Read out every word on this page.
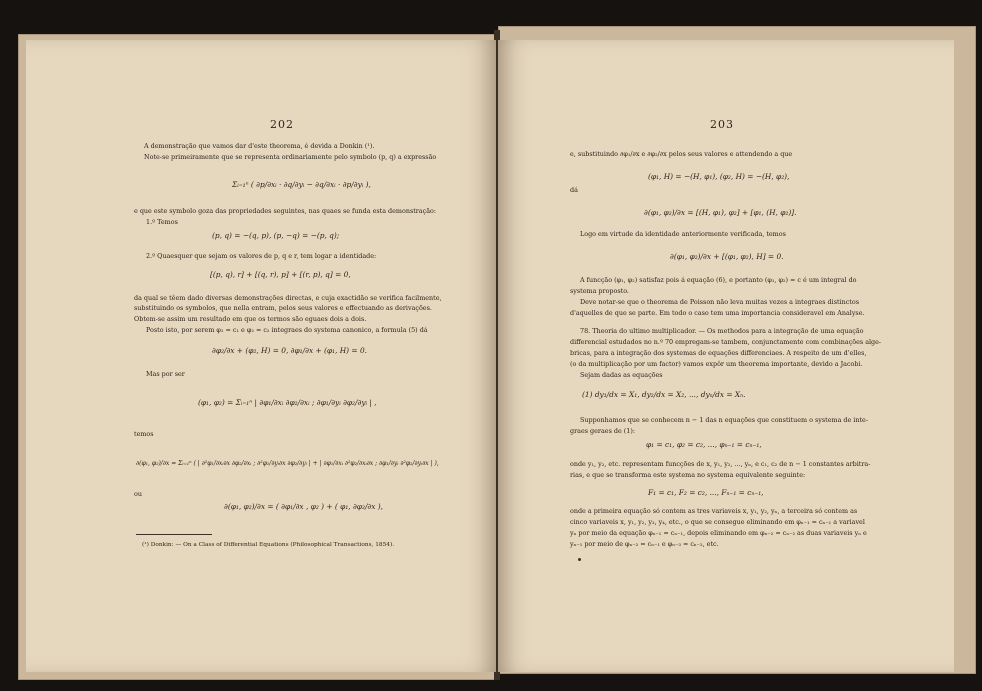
202
A demonstração que vamos dar d'este theorema, é devida a Donkin (¹).
Note-se primeiramente que se representa ordinariamente pelo symbolo (p, q) a expressão
Σᵢ₌₁ⁿ ( ∂p/∂xᵢ · ∂q/∂yᵢ − ∂q/∂xᵢ · ∂p/∂yᵢ ),
e que este symbolo goza das propriedades seguintes, nas quaes se funda esta demonstração:
1.º Temos
(p, q) = −(q, p), (p, −q) = −(p, q);
2.º Quaesquer que sejam os valores de p, q e r, tem logar a identidade:
[(p, q), r] + [(q, r), p] + [(r, p), q] = 0,
da qual se têem dado diversas demonstrações directas, e cuja exactidão se verifica facilmente,
substituindo os symbolos, que nella entram, pelos seus valores e effectuando as derivações.
Obtem-se assim um resultado em que os termos são eguaes dois a dois.
Posto isto, por serem φ₁ = c₁ e φ₂ = c₂ integraes do systema canonico, a formula (5) dá
∂φ₂/∂x + (φ₂, H) = 0, ∂φ₁/∂x + (φ₁, H) = 0.
Mas por ser
(φ₁, φ₂) = Σᵢ₌₁ⁿ | ∂φ₁/∂xᵢ ∂φ₂/∂xᵢ ; ∂φ₁/∂yᵢ ∂φ₂/∂yᵢ | ,
temos
∂(φ₁, φ₂)/∂x = Σᵢ₌₁ⁿ ( | ∂²φ₁/∂xᵢ∂x ∂φ₂/∂xᵢ ; ∂²φ₁/∂yᵢ∂x ∂φ₂/∂yᵢ | + | ∂φ₁/∂xᵢ ∂²φ₂/∂xᵢ∂x ; ∂φ₁/∂yᵢ ∂²φ₂/∂yᵢ∂x | ),
ou
∂(φ₁, φ₂)/∂x = ( ∂φ₁/∂x , φ₂ ) + ( φ₁, ∂φ₂/∂x ),
(¹) Donkin: — On a Class of Differential Equations (Philosophical Transactions, 1854).
203
e, substituindo ∂φ₁/∂x e ∂φ₂/∂x pelos seus valores e attendendo a que
(φ₁, H) = −(H, φ₁), (φ₂, H) = −(H, φ₂),
dá
∂(φ₁, φ₂)/∂x = [(H, φ₁), φ₂] + [φ₁, (H, φ₂)].
Logo em virtude da identidade anteriormente verificada, temos
∂(φ₁, φ₂)/∂x + [(φ₁, φ₂), H] = 0.
A funcção (φ₁, φ₂) satisfaz pois á equação (6), e portanto (φ₁, φ₂) = c é um integral do
systema proposto.
Deve notar-se que o theorema de Poisson não leva muitas vezes a integraes distinctos
d'aquelles de que se parte. Em todo o caso tem uma importancia consideravel em Analyse.
78. Theoria do ultimo multiplicador. — Os methodos para a integração de uma equação
differencial estudados no n.º 70 empregam-se tambem, conjunctamente com combinações alge-
bricas, para a integração dos systemas de equações differenciaes. A respeito de um d'elles,
(o da multiplicação por um factor) vamos expôr um theorema importante, devido a Jacobi.
Sejam dadas as equações
(1) dy₁/dx = X₁, dy₂/dx = X₂, ..., dyₙ/dx = Xₙ.
Supponhamos que se conhecem n − 1 das n equações que constituem o systema de inte-
graes geraes de (1):
φ₁ = c₁, φ₂ = c₂, ..., φₙ₋₁ = cₙ₋₁,
onde y₁, y₂, etc. representam funcções de x, y₁, y₂, ..., yₙ, e c₁, c₂ de n − 1 constantes arbitra-
rias, e que se transforma este systema no systema equivalente seguinte:
F₁ = c₁, F₂ = c₂, ..., Fₙ₋₁ = cₙ₋₁,
onde a primeira equação só contem as tres variaveis x, y₁, y₂, yₙ, a terceira só contem as
cinco variaveis x, y₁, y₂, y₃, y₄, etc., o que se consegue eliminando em φₙ₋₁ = cₙ₋₁ a variavel
yₙ por meio da equação φₙ₋₁ = cₙ₋₁, depois eliminando em φₙ₋₂ = cₙ₋₂ as duas variaveis yₙ e
yₙ₋₁ por meio de φₙ₋₂ = cₙ₋₁ e φₙ₋₃ = cₙ₋₂, etc.
